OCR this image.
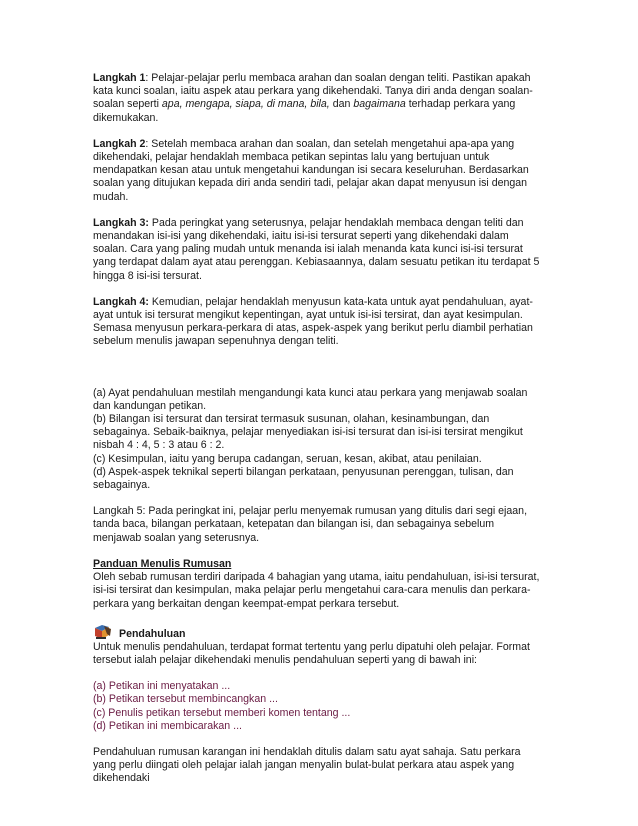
Langkah 1: Pelajar-pelajar perlu membaca arahan dan soalan dengan teliti. Pastikan apakah kata kunci soalan, iaitu aspek atau perkara yang dikehendaki. Tanya diri anda dengan soalan-soalan seperti apa, mengapa, siapa, di mana, bila, dan bagaimana terhadap perkara yang dikemukakan.

Langkah 2: Setelah membaca arahan dan soalan, dan setelah mengetahui apa-apa yang dikehendaki, pelajar hendaklah membaca petikan sepintas lalu yang bertujuan untuk mendapatkan kesan atau untuk mengetahui kandungan isi secara keseluruhan. Berdasarkan soalan yang ditujukan kepada diri anda sendiri tadi, pelajar akan dapat menyusun isi dengan mudah.

Langkah 3: Pada peringkat yang seterusnya, pelajar hendaklah membaca dengan teliti dan menandakan isi-isi yang dikehendaki, iaitu isi-isi tersurat seperti yang dikehendaki dalam soalan. Cara yang paling mudah untuk menanda isi ialah menanda kata kunci isi-isi tersurat yang terdapat dalam ayat atau perenggan. Kebiasaannya, dalam sesuatu petikan itu terdapat 5 hingga 8 isi-isi tersurat.

Langkah 4: Kemudian, pelajar hendaklah menyusun kata-kata untuk ayat pendahuluan, ayat-ayat untuk isi tersurat mengikut kepentingan, ayat untuk isi-isi tersirat, dan ayat kesimpulan. Semasa menyusun perkara-perkara di atas, aspek-aspek yang berikut perlu diambil perhatian sebelum menulis jawapan sepenuhnya dengan teliti.

(a) Ayat pendahuluan mestilah mengandungi kata kunci atau perkara yang menjawab soalan dan kandungan petikan.

(b) Bilangan isi tersurat dan tersirat termasuk susunan, olahan, kesinambungan, dan sebagainya. Sebaik-baiknya, pelajar menyediakan isi-isi tersurat dan isi-isi tersirat mengikut nisbah 4 : 4, 5 : 3 atau 6 : 2.

(c) Kesimpulan, iaitu yang berupa cadangan, seruan, kesan, akibat, atau penilaian.

(d) Aspek-aspek teknikal seperti bilangan perkataan, penyusunan perenggan, tulisan, dan sebagainya.

Langkah 5: Pada peringkat ini, pelajar perlu menyemak rumusan yang ditulis dari segi ejaan, tanda baca, bilangan perkataan, ketepatan dan bilangan isi, dan sebagainya sebelum menjawab soalan yang seterusnya.

Panduan Menulis Rumusan

Oleh sebab rumusan terdiri daripada 4 bahagian yang utama, iaitu pendahuluan, isi-isi tersurat, isi-isi tersirat dan kesimpulan, maka pelajar perlu mengetahui cara-cara menulis dan perkara-perkara yang berkaitan dengan keempat-empat perkara tersebut.

Pendahuluan

Untuk menulis pendahuluan, terdapat format tertentu yang perlu dipatuhi oleh pelajar. Format tersebut ialah pelajar dikehendaki menulis pendahuluan seperti yang di bawah ini:

(a) Petikan ini menyatakan ...

(b) Petikan tersebut membincangkan ...

(c) Penulis petikan tersebut memberi komen tentang ...

(d) Petikan ini membicarakan ...

Pendahuluan rumusan karangan ini hendaklah ditulis dalam satu ayat sahaja. Satu perkara yang perlu diingati oleh pelajar ialah jangan menyalin bulat-bulat perkara atau aspek yang dikehendaki
